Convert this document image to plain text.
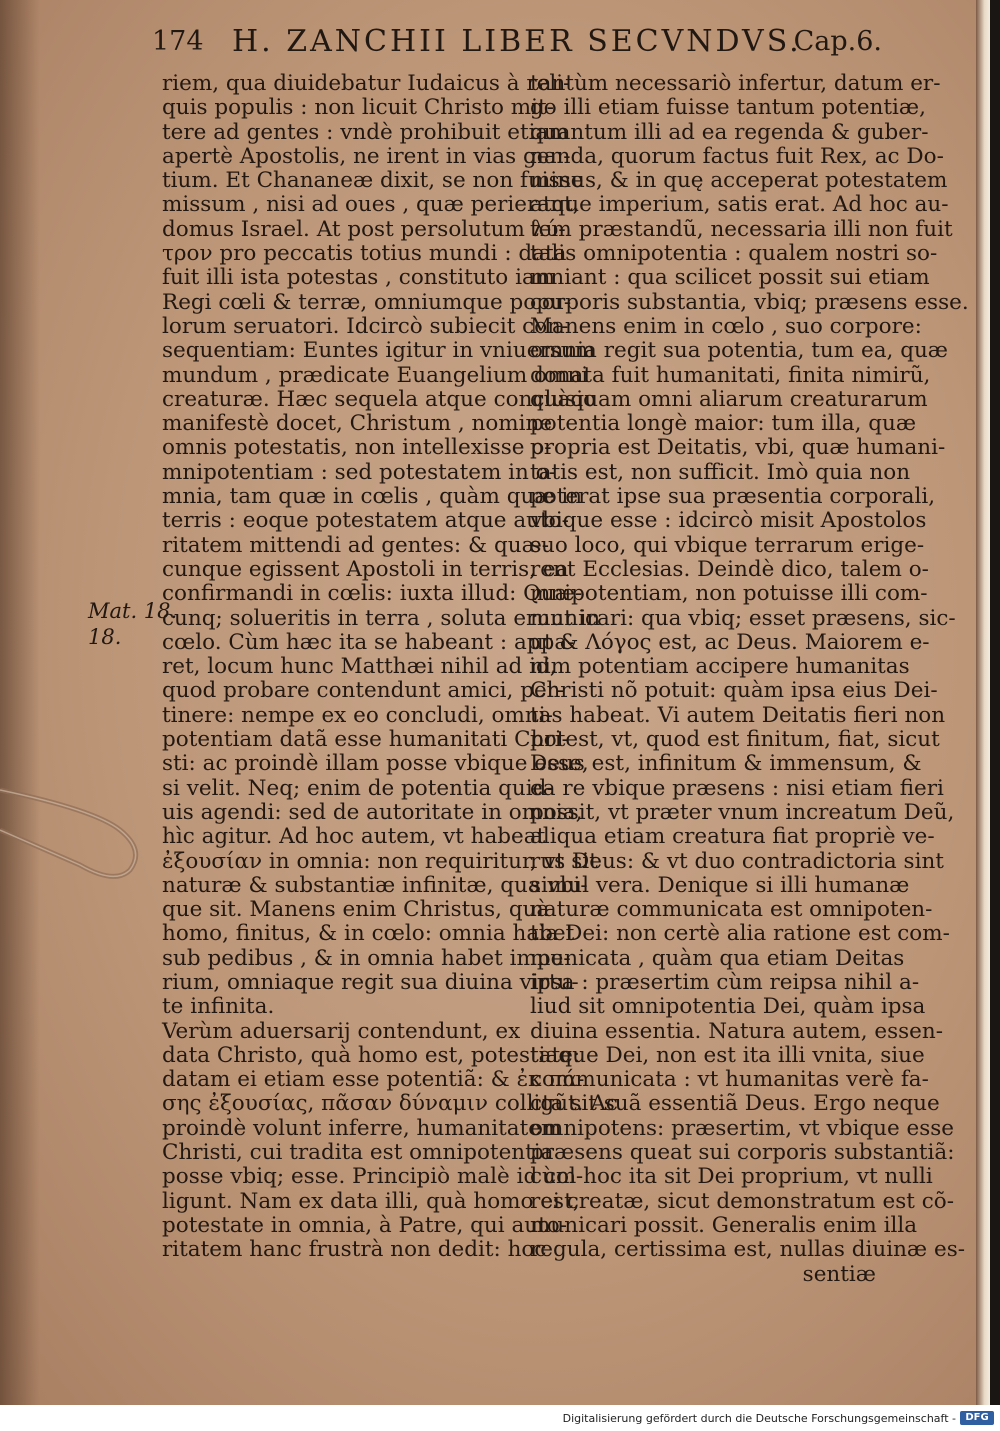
174 H. ZANCHII LIBER SECVNDVS.
Cap.6.
Mat. 18.
18.
riem, qua diuidebatur Iudaicus à reli-
quis populis : non licuit Christo mit-
tere ad gentes : vndè prohibuit etiam
apertè Apostolis, ne irent in vias gen-
tium. Et Chananeæ dixit, se non fuisse
missum , nisi ad oues , quæ perierant,
domus Israel. At post persolutum λύ-
τρον pro peccatis totius mundi : data
fuit illi ista potestas , constituto iam
Regi cœli & terræ, omniumque popu-
lorum seruatori. Idcircò subiecit con-
sequentiam: Euntes igitur in vniuersum
mundum , prædicate Euangelium omni
creaturæ. Hæc sequela atque conclusio
manifestè docet, Christum , nomine
omnis potestatis, non intellexisse o-
mnipotentiam : sed potestatem in o-
mnia, tam quæ in cœlis , quàm quæ in
terris : eoque potestatem atque auto-
ritatem mittendi ad gentes: & quæ-
cunque egissent Apostoli in terris, ea
confirmandi in cœlis: iuxta illud: Quæ-
cunq; solueritis in terra , soluta erunt in
cœlo. Cùm hæc ita se habeant : appa-
ret, locum hunc Matthæi nihil ad id,
quod probare contendunt amici, per-
tinere: nempe ex eo concludi, omni-
potentiam datã esse humanitati Chri-
sti: ac proindè illam posse vbique esse,
si velit. Neq; enim de potentia quid-
uis agendi: sed de autoritate in omnia,
hìc agitur. Ad hoc autem, vt habeat
ἐξουσίαν in omnia: non requiritur, vt sit
naturæ & substantiæ infinitæ, qua vbi-
que sit. Manens enim Christus, quà
homo, finitus, & in cœlo: omnia habet
sub pedibus , & in omnia habet impe-
rium, omniaque regit sua diuina virtu-
te infinita.
Verùm aduersarij contendunt, ex
data Christo, quà homo est, potestate:
datam ei etiam esse potentiã: & ἐκ πά-
σης ἐξουσίας, πᾶσαν δύναμιν colligũt. Ac
proindè volunt inferre, humanitatem
Christi, cui tradita est omnipotentia
posse vbiq; esse. Principiò malè id col-
ligunt. Nam ex data illi, quà homo est,
potestate in omnia, à Patre, qui auto-
ritatem hanc frustrà non dedit: hoc
tantùm necessariò infertur, datum er-
go illi etiam fuisse tantum potentiæ,
quantum illi ad ea regenda & guber-
nanda, quorum factus fuit Rex, ac Do-
minus, & in quę acceperat potestatem
atque imperium, satis erat. Ad hoc au-
tem præstandũ, necessaria illi non fuit
talis omnipotentia : qualem nostri so-
mniant : qua scilicet possit sui etiam
corporis substantia, vbiq; præsens esse.
Manens enim in cœlo , suo corpore:
omnia regit sua potentia, tum ea, quæ
donata fuit humanitati, finita nimirũ,
quàquam omni aliarum creaturarum
potentia longè maior: tum illa, quæ
propria est Deitatis, vbi, quæ humani-
tatis est, non sufficit. Imò quia non
poterat ipse sua præsentia corporali,
vbique esse : idcircò misit Apostolos
suo loco, qui vbique terrarum erige-
rent Ecclesias. Deindè dico, talem o-
mnipotentiam, non potuisse illi com-
municari: qua vbiq; esset præsens, sic-
ut & Λόγος est, ac Deus. Maiorem e-
nim potentiam accipere humanitas
Christi nõ potuit: quàm ipsa eius Dei-
tas habeat. Vi autem Deitatis fieri non
potest, vt, quod est finitum, fiat, sicut
Deus est, infinitum & immensum, &
ea re vbique præsens : nisi etiam fieri
possit, vt præter vnum increatum Deũ,
aliqua etiam creatura fiat propriè ve-
rus Deus: & vt duo contradictoria sint
simul vera. Denique si illi humanæ
naturæ communicata est omnipoten-
tia Dei: non certè alia ratione est com-
municata , quàm qua etiam Deitas
ipsa : præsertim cùm reipsa nihil a-
liud sit omnipotentia Dei, quàm ipsa
diuina essentia. Natura autem, essen-
tiaque Dei, non est ita illi vnita, siue
communicata : vt humanitas verè fa-
cta sit suã essentiã Deus. Ergo neque
omnipotens: præsertim, vt vbique esse
præsens queat sui corporis substantiã:
cùm hoc ita sit Dei proprium, vt nulli
rei creatæ, sicut demonstratum est cõ-
municari possit. Generalis enim illa
regula, certissima est, nullas diuinæ es-
sentiæ
Digitalisierung gefördert durch die Deutsche Forschungsgemeinschaft - DFG
